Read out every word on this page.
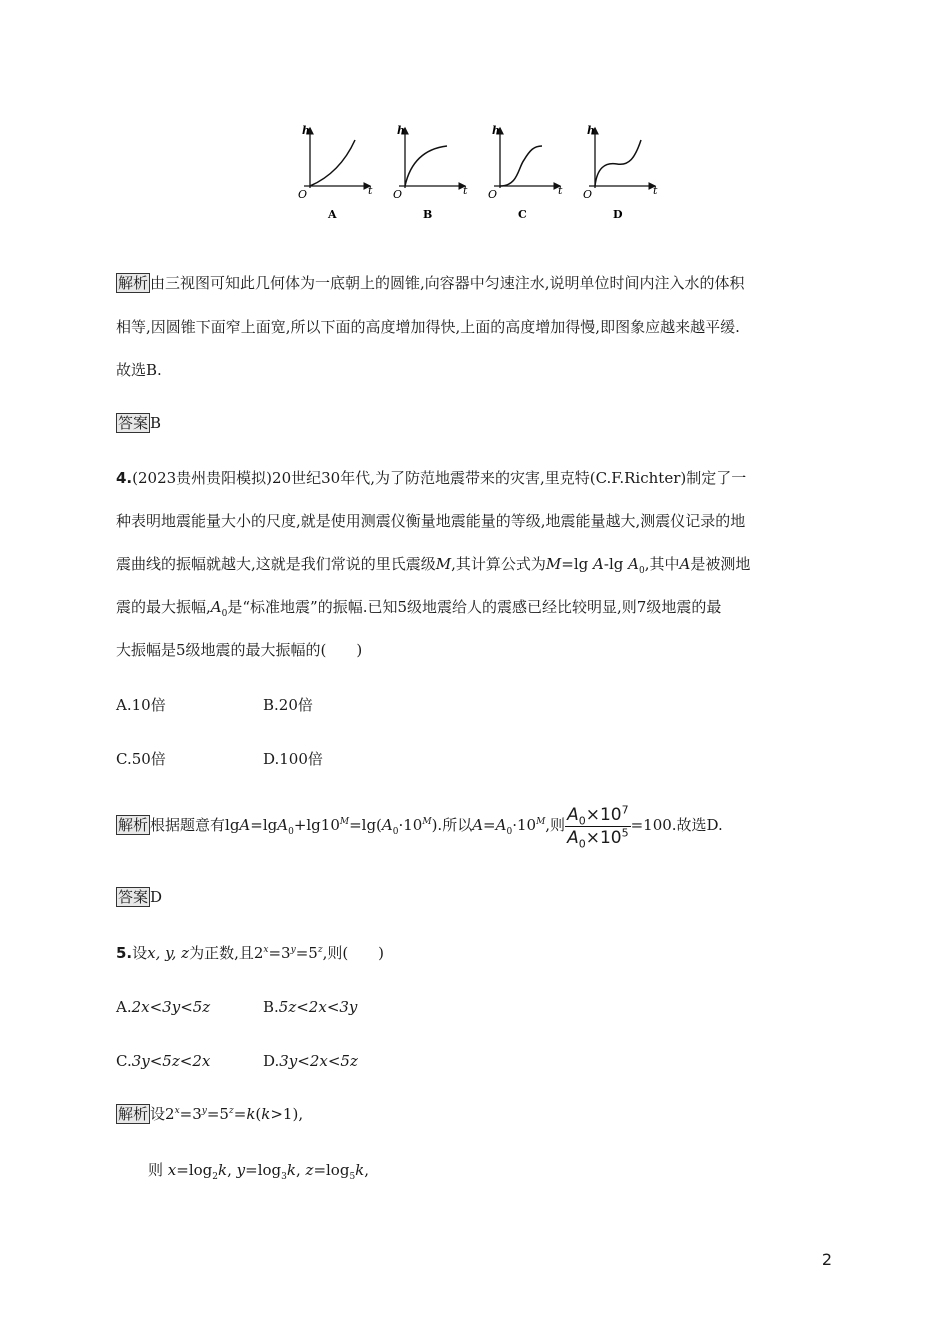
h
t
O
A
h
t
O
B
h
t
O
C
h
t
O
D
解析 由三视图可知此几何体为一底朝上的圆锥,向容器中匀速注水,说明单位时间内注入水的体积
相等,因圆锥下面窄上面宽,所以下面的高度增加得快,上面的高度增加得慢,即图象应越来越平缓.
故选B.
答案 B
4.(2023贵州贵阳模拟)20世纪30年代,为了防范地震带来的灾害,里克特(C.F.Richter)制定了一
种表明地震能量大小的尺度,就是使用测震仪衡量地震能量的等级,地震能量越大,测震仪记录的地
震曲线的振幅就越大,这就是我们常说的里氏震级M,其计算公式为M=lg A-lg $A_0$,其中A是被测地
震的最大振幅$,A_0$是“标准地震”的振幅.已知5级地震给人的震感已经比较明显,则7级地震的最
大振幅是5级地震的最大振幅的(　　)
A.10倍	B.20倍
C.50倍	D.100倍
解析 根据题意有$\lg A=\lg A_0+\lg 10^M=\lg(A_0\cdot 10^M)$.所以$A=A_0\cdot 10^M$,则 $\frac{A_0\times 10^7}{A_0\times 10^5} =100$.故选D.
答案 D
5.设x, y, z为正数,且$2^x=3^y=5^z$,则(　　)
A.2x<3y<5z	B.5z<2x<3y
C.3y<5z<2x	D.3y<2x<5z
解析 设$2^x=3^y=5^z=k(k>1)$,
则 $x=\log_2k$, $y=\log_3k$, $z=\log_5k$,
2
